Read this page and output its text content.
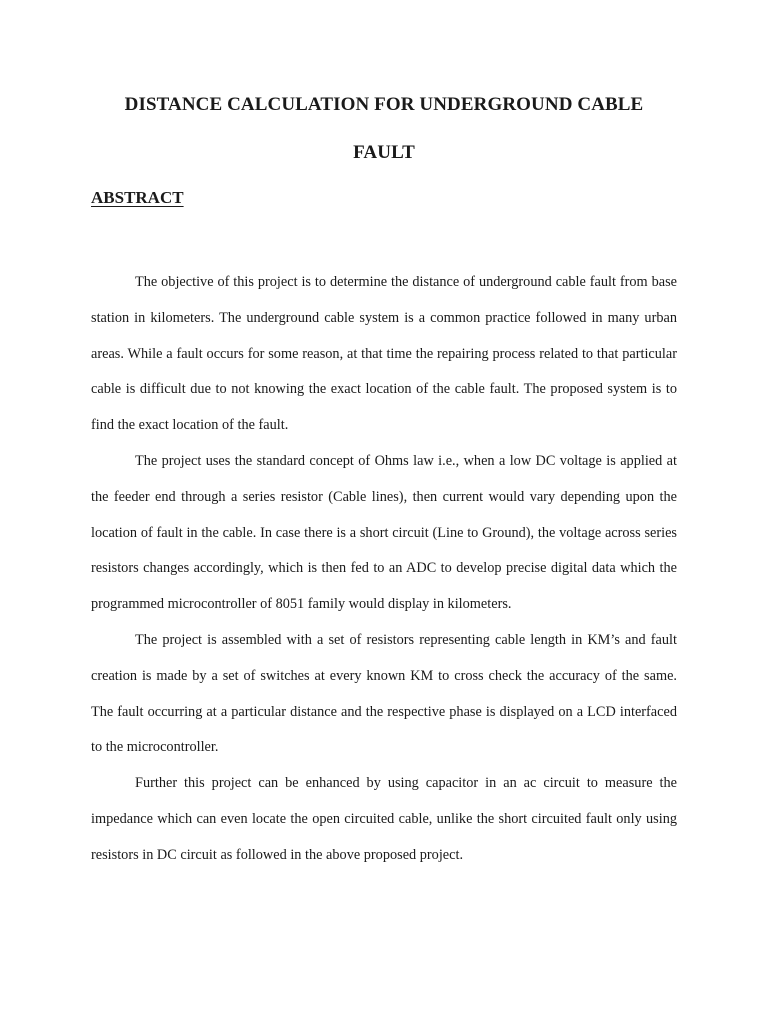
DISTANCE CALCULATION FOR UNDERGROUND CABLE
FAULT
ABSTRACT

The objective of this project is to determine the distance of underground cable fault from base station in kilometers. The underground cable system is a common practice followed in many urban areas. While a fault occurs for some reason, at that time the repairing process related to that particular cable is difficult due to not knowing the exact location of the cable fault. The proposed system is to find the exact location of the fault.

The project uses the standard concept of Ohms law i.e., when a low DC voltage is applied at the feeder end through a series resistor (Cable lines), then current would vary depending upon the location of fault in the cable. In case there is a short circuit (Line to Ground), the voltage across series resistors changes accordingly, which is then fed to an ADC to develop precise digital data which the programmed microcontroller of 8051 family would display in kilometers.

The project is assembled with a set of resistors representing cable length in KM’s and fault creation is made by a set of switches at every known KM to cross check the accuracy of the same. The fault occurring at a particular distance and the respective phase is displayed on a LCD interfaced to the microcontroller.

Further this project can be enhanced by using capacitor in an ac circuit to measure the impedance which can even locate the open circuited cable, unlike the short circuited fault only using resistors in DC circuit as followed in the above proposed project.
